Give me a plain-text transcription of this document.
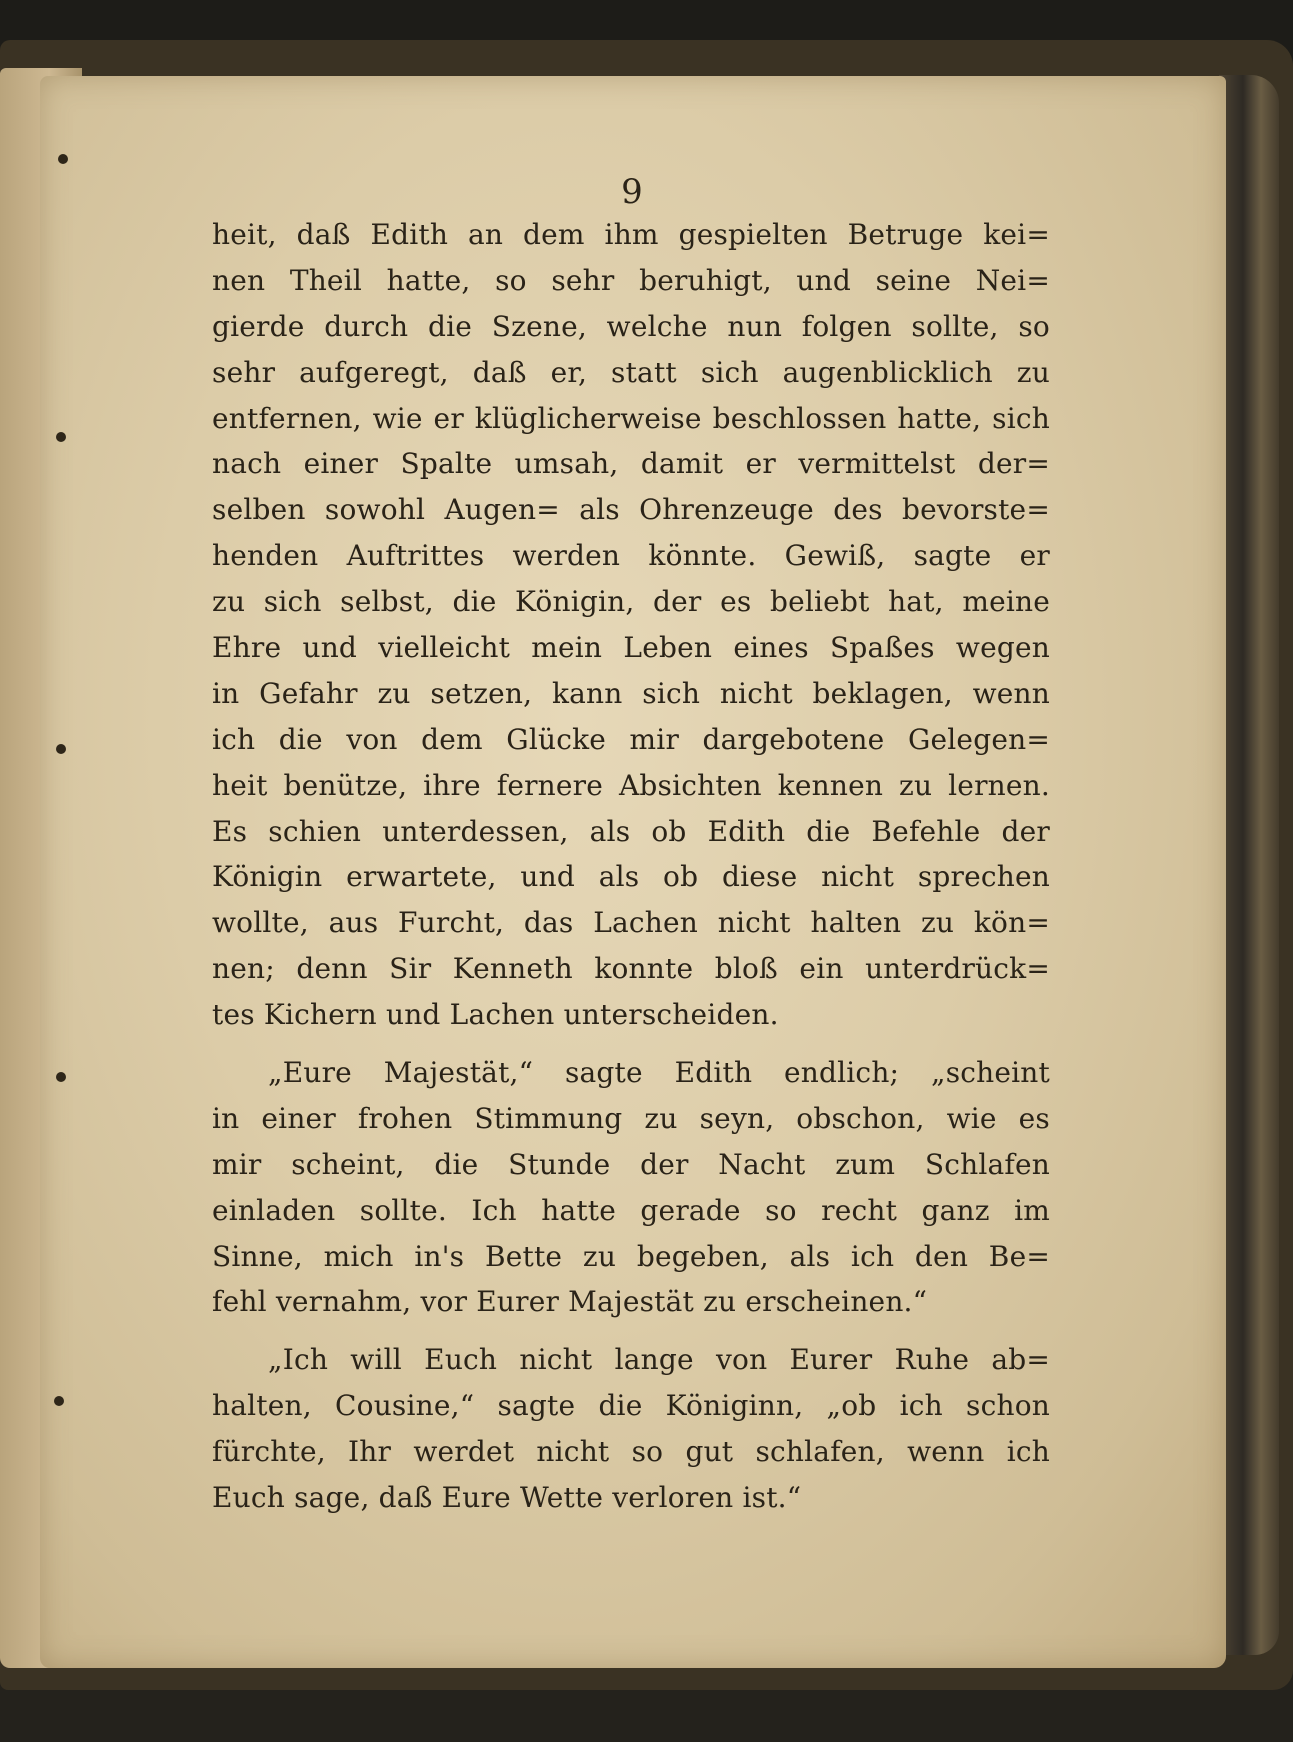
9
heit, daß Edith an dem ihm gespielten Betruge kei=
nen Theil hatte, so sehr beruhigt, und seine Nei=
gierde durch die Szene, welche nun folgen sollte, so
sehr aufgeregt, daß er, statt sich augenblicklich zu
entfernen, wie er klüglicherweise beschlossen hatte, sich
nach einer Spalte umsah, damit er vermittelst der=
selben sowohl Augen= als Ohrenzeuge des bevorste=
henden Auftrittes werden könnte. Gewiß, sagte er
zu sich selbst, die Königin, der es beliebt hat, meine
Ehre und vielleicht mein Leben eines Spaßes wegen
in Gefahr zu setzen, kann sich nicht beklagen, wenn
ich die von dem Glücke mir dargebotene Gelegen=
heit benütze, ihre fernere Absichten kennen zu lernen.
Es schien unterdessen, als ob Edith die Befehle der
Königin erwartete, und als ob diese nicht sprechen
wollte, aus Furcht, das Lachen nicht halten zu kön=
nen; denn Sir Kenneth konnte bloß ein unterdrück=
tes Kichern und Lachen unterscheiden.
„Eure Majestät,“ sagte Edith endlich; „scheint
in einer frohen Stimmung zu seyn, obschon, wie es
mir scheint, die Stunde der Nacht zum Schlafen
einladen sollte. Ich hatte gerade so recht ganz im
Sinne, mich in's Bette zu begeben, als ich den Be=
fehl vernahm, vor Eurer Majestät zu erscheinen.“
„Ich will Euch nicht lange von Eurer Ruhe ab=
halten, Cousine,“ sagte die Königinn, „ob ich schon
fürchte, Ihr werdet nicht so gut schlafen, wenn ich
Euch sage, daß Eure Wette verloren ist.“
